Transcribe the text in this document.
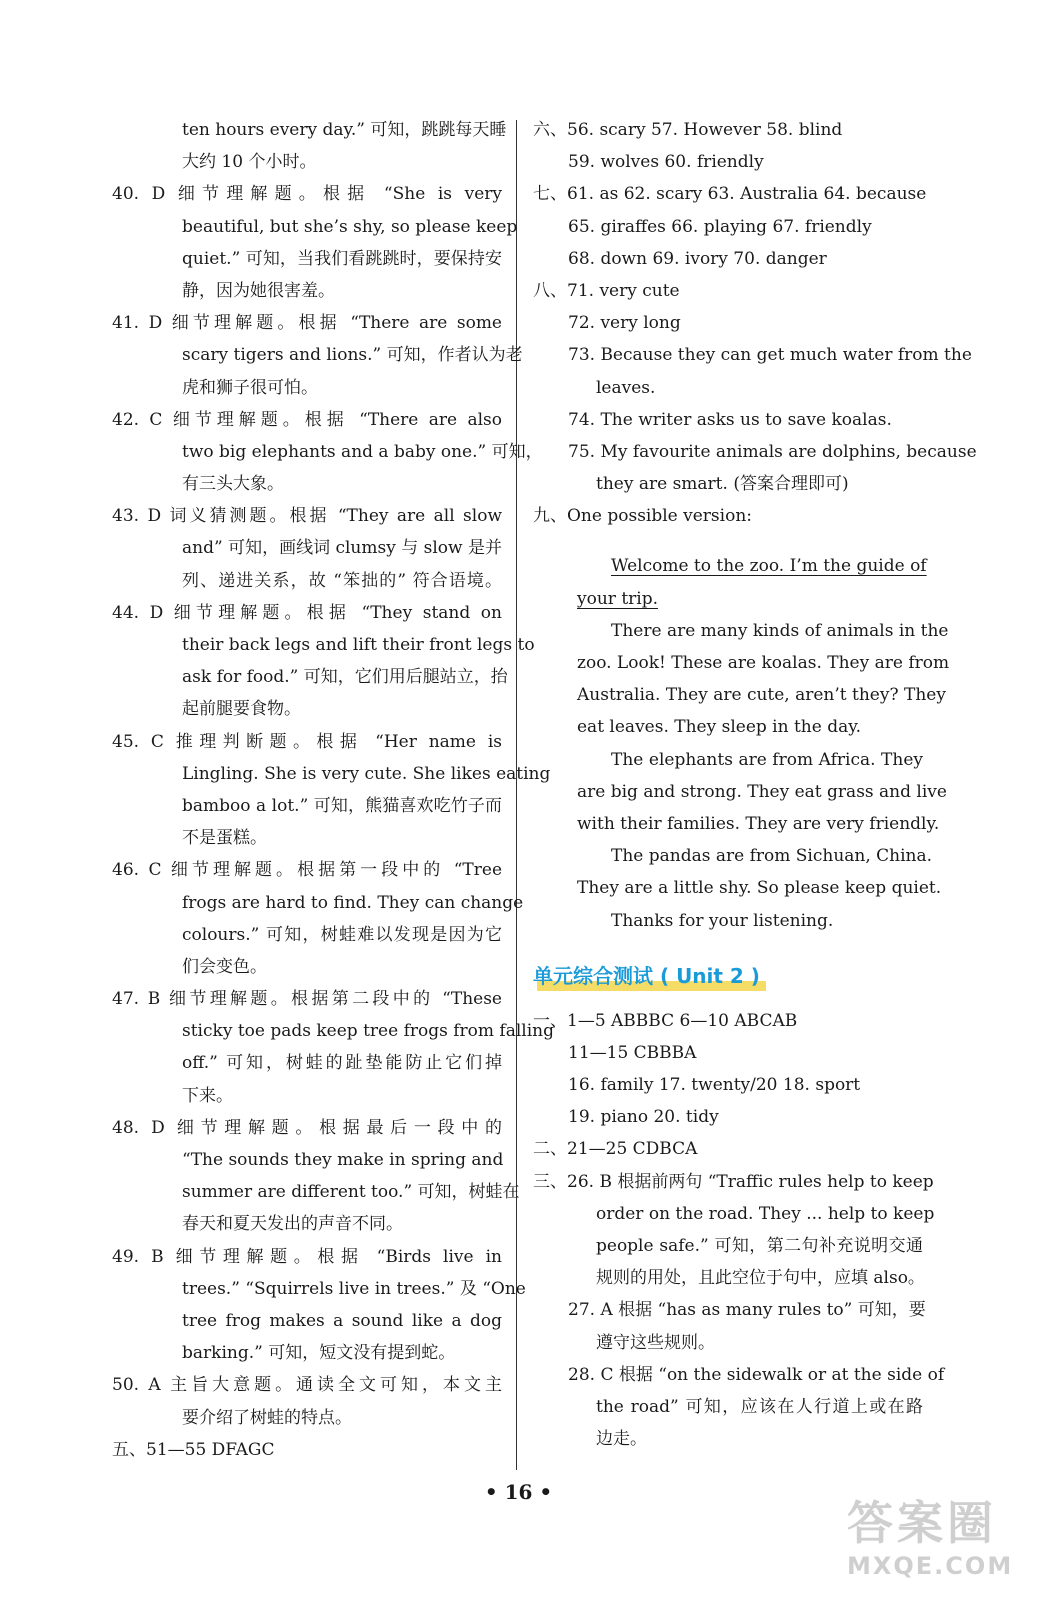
ten hours every day.” 可知，跳跳每天睡
大约 10 个小时。
40. D 细节理解题。根据 “She is very
beautiful, but she’s shy, so please keep
quiet.” 可知，当我们看跳跳时，要保持安
静，因为她很害羞。
41. D 细节理解题。根据 “There are some
scary tigers and lions.” 可知，作者认为老
虎和狮子很可怕。
42. C 细节理解题。根据 “There are also
two big elephants and a baby one.” 可知，
有三头大象。
43. D 词义猜测题。根据 “They are all slow
and” 可知，画线词 clumsy 与 slow 是并
列、递进关系，故 “笨拙的” 符合语境。
44. D 细节理解题。根据 “They stand on
their back legs and lift their front legs to
ask for food.” 可知，它们用后腿站立，抬
起前腿要食物。
45. C 推理判断题。根据 “Her name is
Lingling. She is very cute. She likes eating
bamboo a lot.” 可知，熊猫喜欢吃竹子而
不是蛋糕。
46. C 细节理解题。根据第一段中的 “Tree
frogs are hard to find. They can change
colours.” 可知，树蛙难以发现是因为它
们会变色。
47. B 细节理解题。根据第二段中的 “These
sticky toe pads keep tree frogs from falling
off.” 可知，树蛙的趾垫能防止它们掉
下来。
48. D 细节理解题。根据最后一段中的
“The sounds they make in spring and
summer are different too.” 可知，树蛙在
春天和夏天发出的声音不同。
49. B 细节理解题。根据 “Birds live in
trees.” “Squirrels live in trees.” 及 “One
tree frog makes a sound like a dog
barking.” 可知，短文没有提到蛇。
50. A 主旨大意题。通读全文可知，本文主
要介绍了树蛙的特点。
五、51—55 DFAGC
六、56. scary 57. However 58. blind
59. wolves 60. friendly
七、61. as 62. scary 63. Australia 64. because
65. giraffes 66. playing 67. friendly
68. down 69. ivory 70. danger
八、71. very cute
72. very long
73. Because they can get much water from the
leaves.
74. The writer asks us to save koalas.
75. My favourite animals are dolphins, because
they are smart. (答案合理即可)
九、One possible version:
Welcome to the zoo. I’m the guide of
your trip.
There are many kinds of animals in the
zoo. Look! These are koalas. They are from
Australia. They are cute, aren’t they? They
eat leaves. They sleep in the day.
The elephants are from Africa. They
are big and strong. They eat grass and live
with their families. They are very friendly.
The pandas are from Sichuan, China.
They are a little shy. So please keep quiet.
Thanks for your listening.
单元综合测试 ( Unit 2 )
一、1—5 ABBBC 6—10 ABCAB
11—15 CBBBA
16. family 17. twenty/20 18. sport
19. piano 20. tidy
二、21—25 CDBCA
三、26. B 根据前两句 “Traffic rules help to keep
order on the road. They ... help to keep
people safe.” 可知，第二句补充说明交通
规则的用处，且此空位于句中，应填 also。
27. A 根据 “has as many rules to” 可知，要
遵守这些规则。
28. C 根据 “on the sidewalk or at the side of
the road” 可知，应该在人行道上或在路
边走。
• 16 •
答案圈
MXQE.COM
